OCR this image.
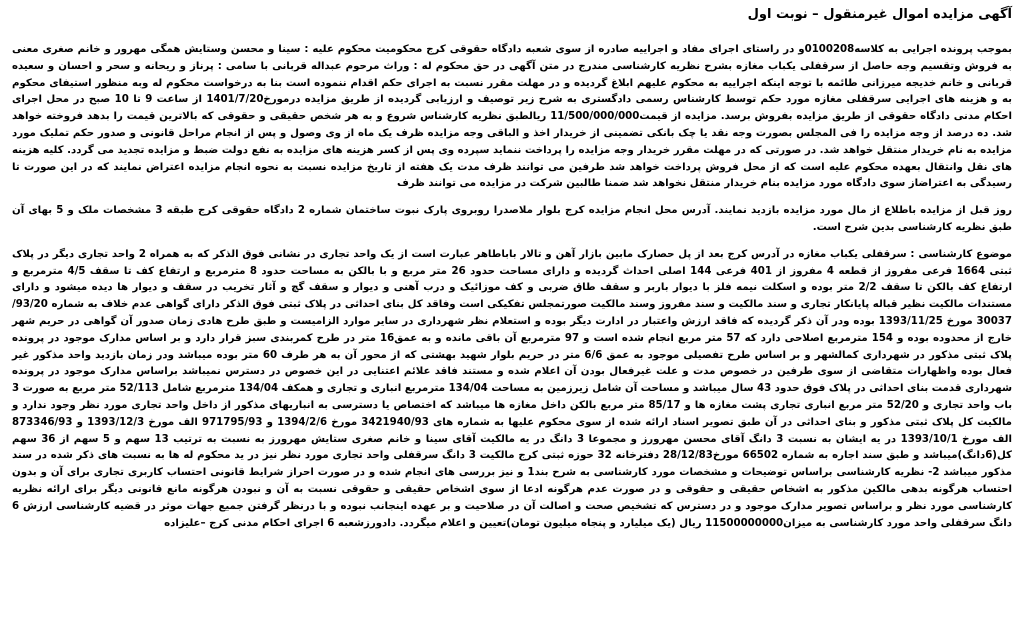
آگهی مزایده اموال غیرمنقول – نوبت اول

بموجب پرونده اجرایی به کلاسه0100208و در راستای اجرای مفاد و اجراییه صادره از سوی شعبه دادگاه حقوقی کرج محکومیت محکوم علیه : سینا و محسن وستایش همگی مهرور و خانم صغری معنی به فروش وتقسیم وجه حاصل از سرقفلی یکباب مغازه بشرح نظریه کارشناسی مندرج در متن آگهی در حق محکوم له : وراث مرحوم عبداله قربانی با سامی : پرناز و ریحانه و سحر و احسان و سعیده قربانی و خانم خدیجه میرزانی طائمه با توجه اینکه اجراییه به محکوم علیهم ابلاغ گردیده و در مهلت مقرر نسبت به اجرای حکم اقدام ننموده است بنا به درخواست محکوم له وبه منظور استیفای محکوم به و هزینه های اجرایی سرقفلی مغازه مورد حکم توسط کارشناس رسمی دادگستری به شرح زیر توصیف و ارزیابی گردیده از طریق مزایده درمورخ1401/7/20 از ساعت 9 تا 10 صبح در محل اجرای احکام مدنی دادگاه حقوقی از طریق مزایده بفروش برسد. مزایده از قیمت11/500/000/000 ریالطبق نظریه کارشناس شروع و به هر شخص حقیقی و حقوقی که بالاترین قیمت را بدهد فروخته خواهد شد. ده درصد از وجه مزایده را فی المجلس بصورت وجه نقد یا چک بانکی تضمینی از خریدار اخذ و الباقی وجه مزایده ظرف یک ماه از وی وصول و پس از انجام مراحل قانونی و صدور حکم تملیک مورد مزایده به نام خریدار منتقل خواهد شد. در صورتی که در مهلت مقرر خریدار وجه مزایده را پرداخت ننماید سپرده وی پس از کسر هزینه های مزایده به نفع دولت ضبط و مزایده تجدید می گردد. کلیه هزینه های نقل وانتقال بعهده محکوم علیه است که از محل فروش پرداخت خواهد شد طرفین می توانند ظرف مدت یک هفته از تاریخ مزایده نسبت به نحوه انجام مزایده اعتراض نمایند که در این صورت تا رسیدگی به اعتراضاز سوی دادگاه مورد مزایده بنام خریدار منتقل نخواهد شد ضمنا طالبین شرکت در مزایده می توانند ظرف

روز قبل از مزایده باطلاع از مال مورد مزایده بازدید نمایند. آدرس محل انجام مزایده کرج بلوار ملاصدرا روبروی پارک نبوت ساختمان شماره 2 دادگاه حقوقی کرج طبقه 3 مشخصات ملک و 5 بهای آن طبق نظریه کارشناسی بدین شرح است.

موضوع کارشناسی : سرقفلی یکباب مغازه در آدرس کرج بعد از پل حصارک مابین بازار آهن و تالار باباطاهر عبارت است از یک واحد تجاری در نشانی فوق الذکر که به همراه 2 واحد تجاری دیگر در پلاک ثبتی 1664 فرعی مفروز از قطعه 4 مفروز از 401 فرعی 144 اصلی احداث گردیده و دارای مساحت حدود 26 متر مربع و با بالکن به مساحت حدود 8 مترمربع و ارتفاع کف تا سقف 4/5 مترمربع و ارتفاع کف بالکن تا سقف 2/2 متر بوده و اسکلت نیمه فلز با دیوار باربر و سقف طاق ضربی و کف موزائیک و درب آهنی و دیوار و سقف گچ و آثار تخریب در سقف و دیوار ها دیده میشود و دارای مستندات مالکیت نظیر قباله پایانکار تجاری و سند مالکیت و سند مفروز وسند مالکیت صورتمجلس تفکیکی است وفاقد کل بنای احداثی در پلاک ثبتی فوق الذکر دارای گواهی عدم خلاف به شماره 93/20/ 30037 مورخ 1393/11/25 بوده ودر آن ذکر گردیده که فاقد ارزش واعتبار در ادارت دیگر بوده و استعلام نظر شهرداری در سایر موارد الزامیست و طبق طرح هادی زمان صدور آن گواهی در حریم شهر خارج از محدوده بوده و 154 مترمربع اصلاحی دارد که 57 متر مربع انجام شده است و 97 مترمربع آن باقی مانده و به عمق16 متر در طرح کمربندی سبز قرار دارد و بر اساس مدارک موجود در پرونده پلاک ثبتی مذکور در شهرداری کمالشهر و بر اساس طرح تفصیلی موجود به عمق 6/6 متر در حریم بلوار شهید بهشتی که از محور آن به هر طرف 60 متر بوده میباشد ودر زمان بازدید واحد مذکور غیر فعال بوده واظهارات متقاضی از سوی طرفین در خصوص مدت و علت غیرفعال بودن آن اعلام شده و مستند فاقد علائم اعتنایی در این خصوص در دسترس نمیباشد براساس مدارک موجود در پرونده شهرداری قدمت بنای احداثی در پلاک فوق حدود 43 سال میباشد و مساحت آن شامل زیرزمین به مساحت 134/04 مترمربع انباری و تجاری و همکف 134/04 مترمربع شامل 52/113 متر مربع به صورت 3 باب واحد تجاری و 52/20 متر مربع انباری تجاری پشت مغازه ها و 85/17 متر مربع بالکن داخل مغازه ها میباشد که اختصاص یا دسترسی به انباریهای مذکور از داخل واحد تجاری مورد نظر وجود ندارد و مالکیت کل پلاک ثبتی مذکور و بنای احداثی در آن طبق تصویر اسناد ارائه شده از سوی محکوم علیها به شماره های 3421940/93 مورخ 1394/2/6 و 971795/93 الف مورخ 1393/12/3 و 873346/93 الف مورخ 1393/10/1 در یه ایشان به نسبت 3 دانگ آقای محسن مهرورز و مجموعا 3 دانگ در یه مالکیت آقای سینا و خانم صغری ستایش مهرورز به نسبت به ترتیب 13 سهم و 5 سهم از 36 سهم کل(6دانگ)میباشد و طبق سند اجاره به شماره 66502 مورخ28/12/83 دفترخانه 32 حوزه ثبتی کرج مالکیت 3 دانگ سرقفلی واحد تجاری مورد نظر نیز در ید محکوم له ها به نسبت های ذکر شده در سند مذکور میباشد 2- نظریه کارشناسی براساس توضیحات و مشخصات مورد کارشناسی به شرح بند1 و نیز بررسی های انجام شده و در صورت احراز شرایط قانونی احتساب کاربری تجاری برای آن و بدون احتساب هرگونه بدهی مالکین مذکور به اشخاص حقیقی و حقوقی و در صورت عدم هرگونه ادعا از سوی اشخاص حقیقی و حقوقی نسبت به آن و نبودن هرگونه مانع قانونی دیگر برای ارائه نظریه کارشناسی مورد نظر و براساس تصویر مدارک موجود و در دسترس که تشخیص صحت و اصالت آن در صلاحیت و بر عهده اینجانب نبوده و با درنظر گرفتن جمیع جهات موثر در قضیه کارشناسی ارزش 6 دانگ سرقفلی واحد مورد کارشناسی به میزان11500000000 ریال (یک میلیارد و پنجاه میلیون تومان)تعیین و اعلام میگردد. دادورزشعبه 6 اجرای احکام مدنی کرج –علیزاده
